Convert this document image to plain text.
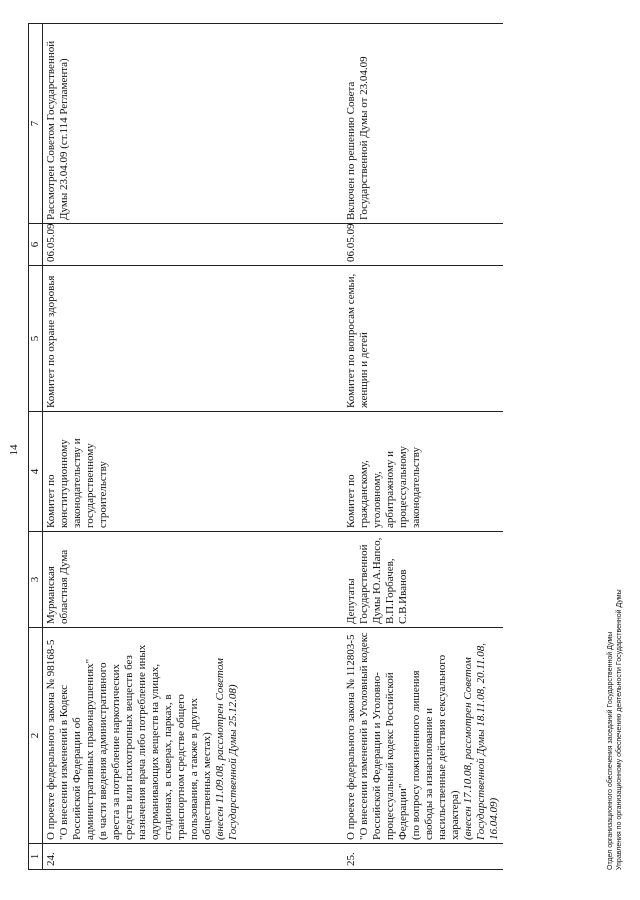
14
1	2	3	4	5	6	7
24.	О проекте федерального закона № 98168-5 "О внесении изменений в Кодекс Российской Федерации об административных правонарушениях" (в части введения административного ареста за потребление наркотических средств или психотропных веществ без назначения врача либо потребление иных одурманивающих веществ на улицах, стадионах, в скверах, парках, в транспортном средстве общего пользования, а также в других общественных местах) (внесен 11.09.08, рассмотрен Советом Государственной Думы 25.12.08)	Мурманская областная Дума	Комитет по конституционному законодательству и государственному строительству	Комитет по охране здоровья	06.05.09	Рассмотрен Советом Государственной Думы 23.04.09 (ст.114 Регламента)
25.	О проекте федерального закона № 112803-5 "О внесении изменений в Уголовный кодекс Российской Федерации и Уголовно-процессуальный кодекс Российской Федерации" (по вопросу пожизненного лишения свободы за изнасилование и насильственные действия сексуального характера) (внесен 17.10.08, рассмотрен Советом Государственной Думы 18.11.08, 20.11.08, 16.04.09)	Депутаты Государственной Думы Ю.А.Напсо, В.П.Горбачев, С.В.Иванов	Комитет по гражданскому, уголовному, арбитражному и процессуальному законодательству	Комитет по вопросам семьи, женщин и детей	06.05.09	Включен по решению Совета Государственной Думы от 23.04.09
Отдел организационного обеспечения заседаний Государственной Думы Управления по организационному обеспечению деятельности Государственной Думы
